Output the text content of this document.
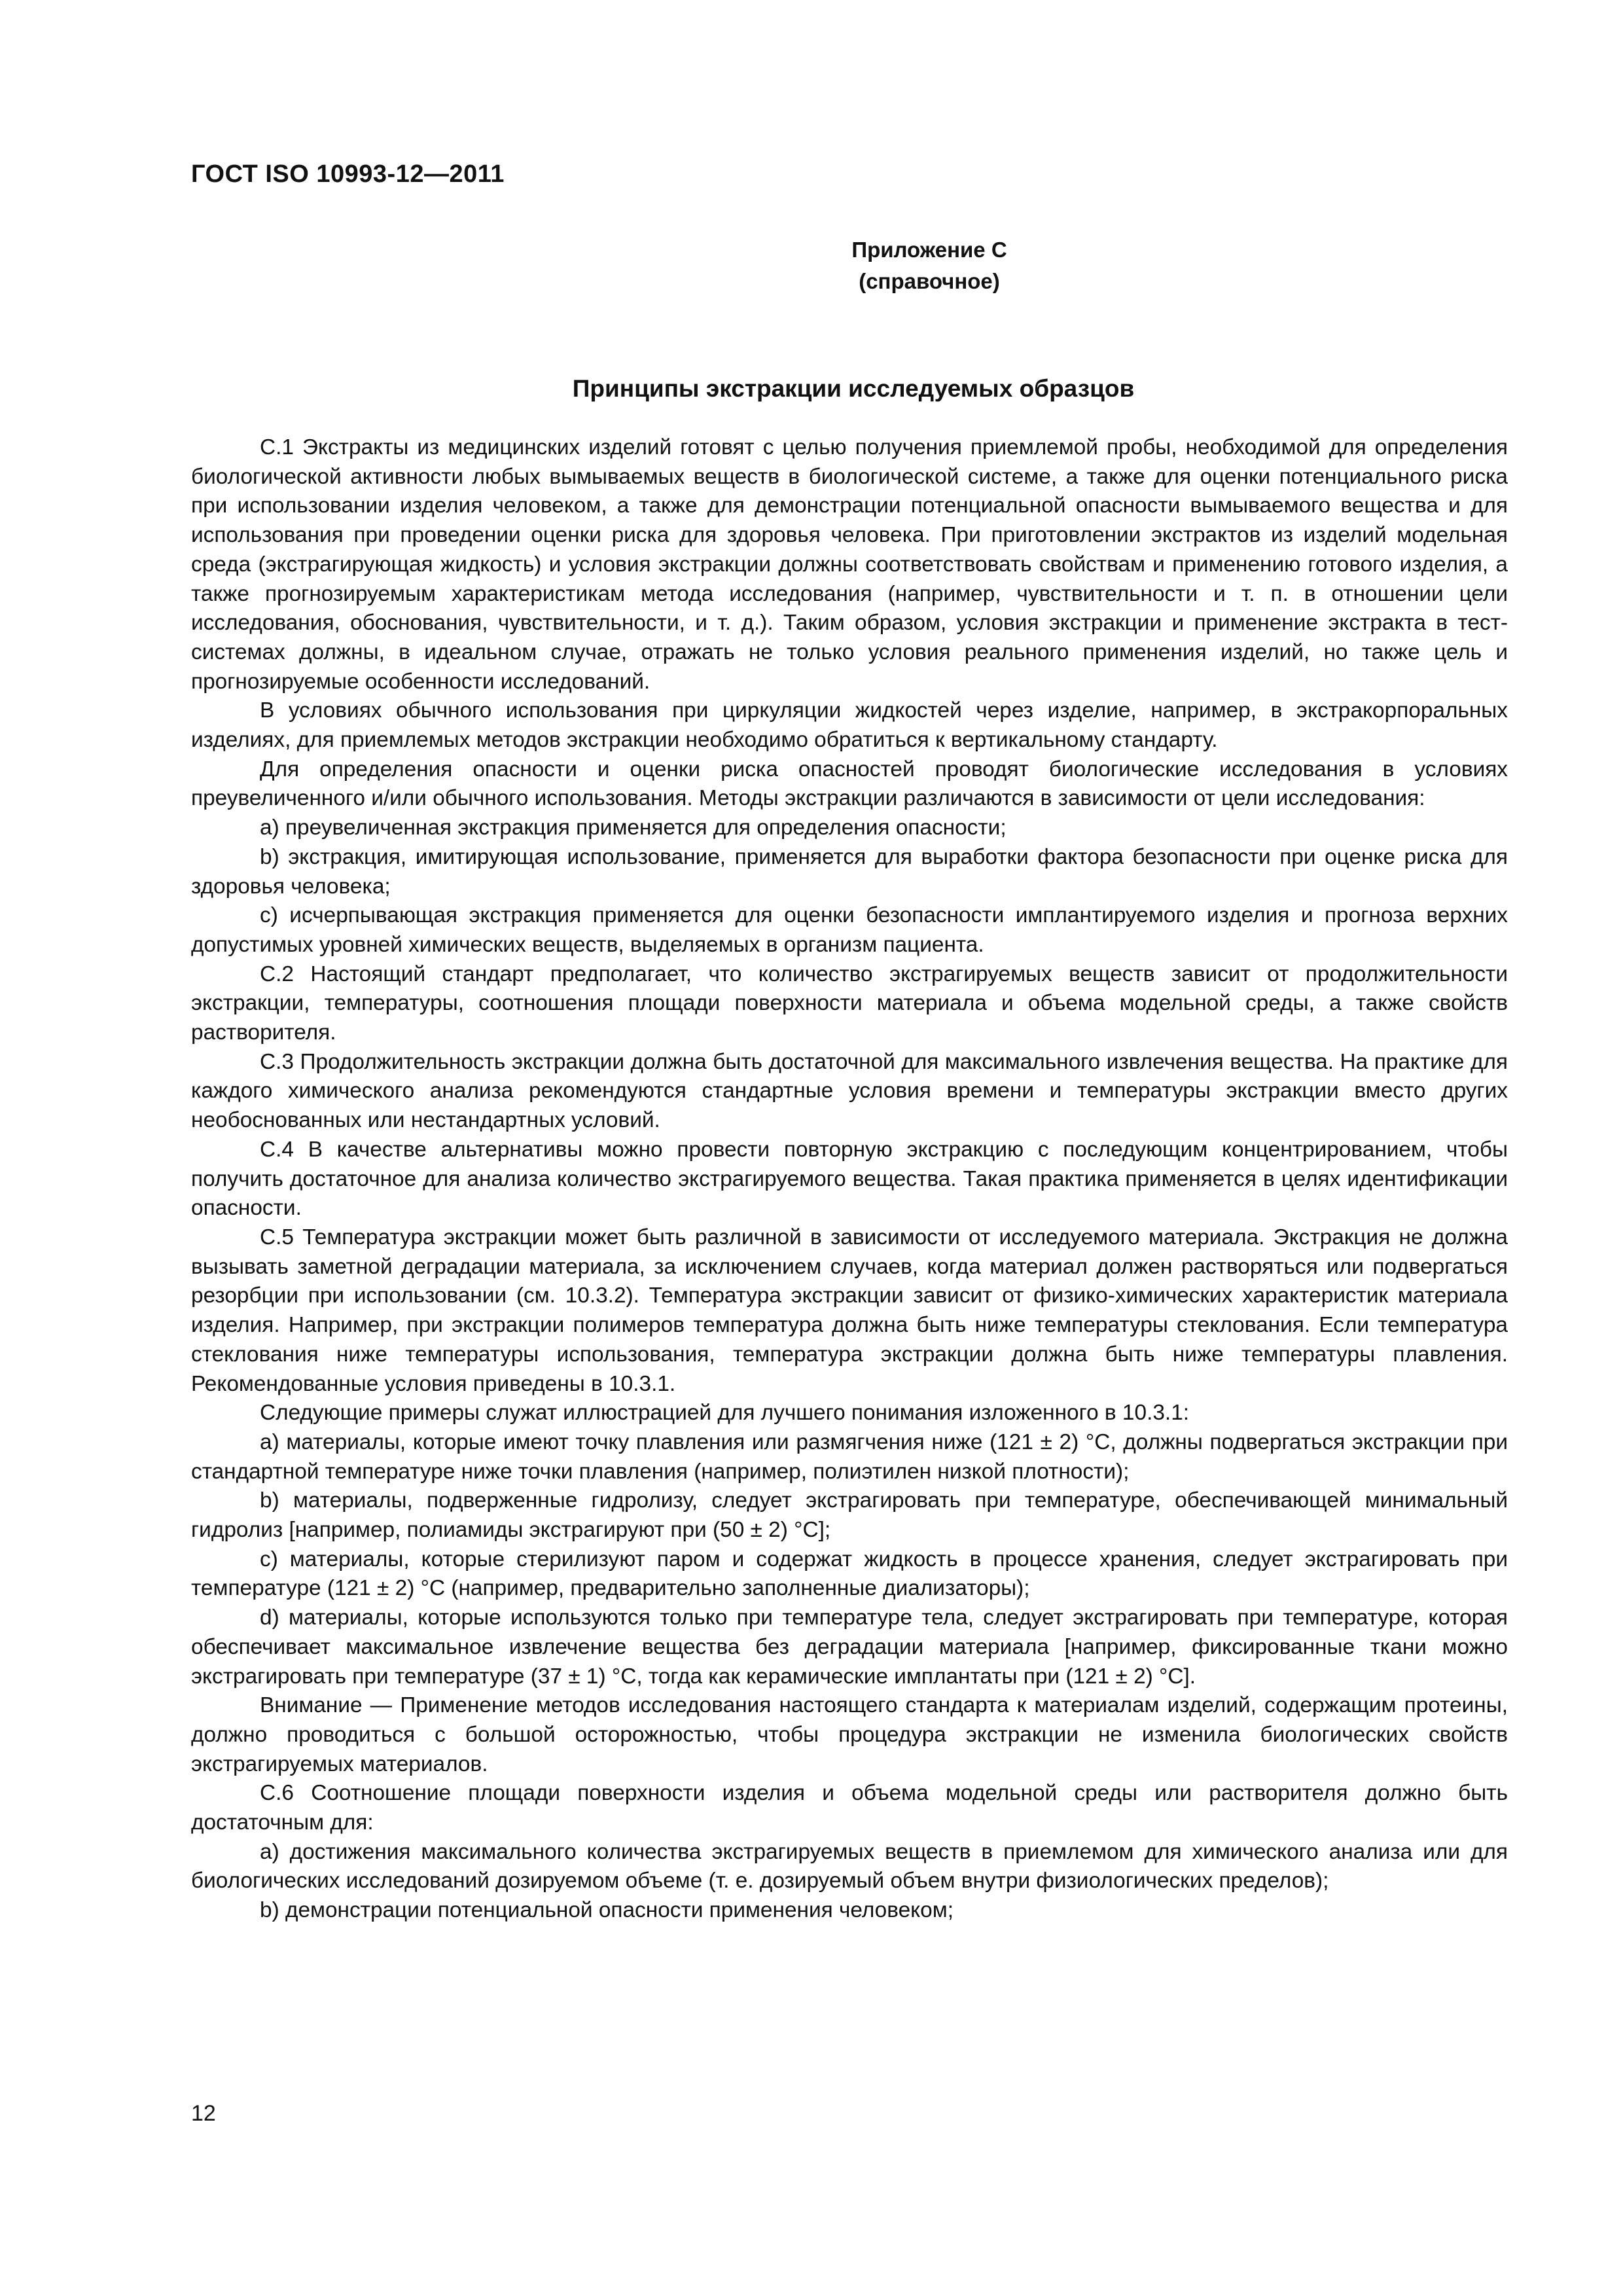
ГОСТ ISO 10993-12—2011
Приложение С
(справочное)
Принципы экстракции исследуемых образцов

С.1 Экстракты из медицинских изделий готовят с целью получения приемлемой пробы, необходимой для определения биологической активности любых вымываемых веществ в биологической системе, а также для оценки потенциального риска при использовании изделия человеком, а также для демонстрации потенциальной опасности вымываемого вещества и для использования при проведении оценки риска для здоровья человека. При приготовлении экстрактов из изделий модельная среда (экстрагирующая жидкость) и условия экстракции должны соответствовать свойствам и применению готового изделия, а также прогнозируемым характеристикам метода исследования (например, чувствительности и т. п. в отношении цели исследования, обоснования, чувствительности, и т. д.). Таким образом, условия экстракции и применение экстракта в тест-системах должны, в идеальном случае, отражать не только условия реального применения изделий, но также цель и прогнозируемые особенности исследований.

В условиях обычного использования при циркуляции жидкостей через изделие, например, в экстракорпоральных изделиях, для приемлемых методов экстракции необходимо обратиться к вертикальному стандарту.

Для определения опасности и оценки риска опасностей проводят биологические исследования в условиях преувеличенного и/или обычного использования. Методы экстракции различаются в зависимости от цели исследования:

a) преувеличенная экстракция применяется для определения опасности;

b) экстракция, имитирующая использование, применяется для выработки фактора безопасности при оценке риска для здоровья человека;

c) исчерпывающая экстракция применяется для оценки безопасности имплантируемого изделия и прогноза верхних допустимых уровней химических веществ, выделяемых в организм пациента.

С.2 Настоящий стандарт предполагает, что количество экстрагируемых веществ зависит от продолжительности экстракции, температуры, соотношения площади поверхности материала и объема модельной среды, а также свойств растворителя.

С.3 Продолжительность экстракции должна быть достаточной для максимального извлечения вещества. На практике для каждого химического анализа рекомендуются стандартные условия времени и температуры экстракции вместо других необоснованных или нестандартных условий.

С.4 В качестве альтернативы можно провести повторную экстракцию с последующим концентрированием, чтобы получить достаточное для анализа количество экстрагируемого вещества. Такая практика применяется в целях идентификации опасности.

С.5 Температура экстракции может быть различной в зависимости от исследуемого материала. Экстракция не должна вызывать заметной деградации материала, за исключением случаев, когда материал должен растворяться или подвергаться резорбции при использовании (см. 10.3.2). Температура экстракции зависит от физико-химических характеристик материала изделия. Например, при экстракции полимеров температура должна быть ниже температуры стеклования. Если температура стеклования ниже температуры использования, температура экстракции должна быть ниже температуры плавления. Рекомендованные условия приведены в 10.3.1.

Следующие примеры служат иллюстрацией для лучшего понимания изложенного в 10.3.1:

a) материалы, которые имеют точку плавления или размягчения ниже (121 ± 2) °С, должны подвергаться экстракции при стандартной температуре ниже точки плавления (например, полиэтилен низкой плотности);

b) материалы, подверженные гидролизу, следует экстрагировать при температуре, обеспечивающей минимальный гидролиз [например, полиамиды экстрагируют при (50 ± 2) °С];

c) материалы, которые стерилизуют паром и содержат жидкость в процессе хранения, следует экстрагировать при температуре (121 ± 2) °С (например, предварительно заполненные диализаторы);

d) материалы, которые используются только при температуре тела, следует экстрагировать при температуре, которая обеспечивает максимальное извлечение вещества без деградации материала [например, фиксированные ткани можно экстрагировать при температуре (37 ± 1) °С, тогда как керамические имплантаты при (121 ± 2) °С].

Внимание — Применение методов исследования настоящего стандарта к материалам изделий, содержащим протеины, должно проводиться с большой осторожностью, чтобы процедура экстракции не изменила биологических свойств экстрагируемых материалов.

С.6 Соотношение площади поверхности изделия и объема модельной среды или растворителя должно быть достаточным для:

a) достижения максимального количества экстрагируемых веществ в приемлемом для химического анализа или для биологических исследований дозируемом объеме (т. е. дозируемый объем внутри физиологических пределов);

b) демонстрации потенциальной опасности применения человеком;

12
